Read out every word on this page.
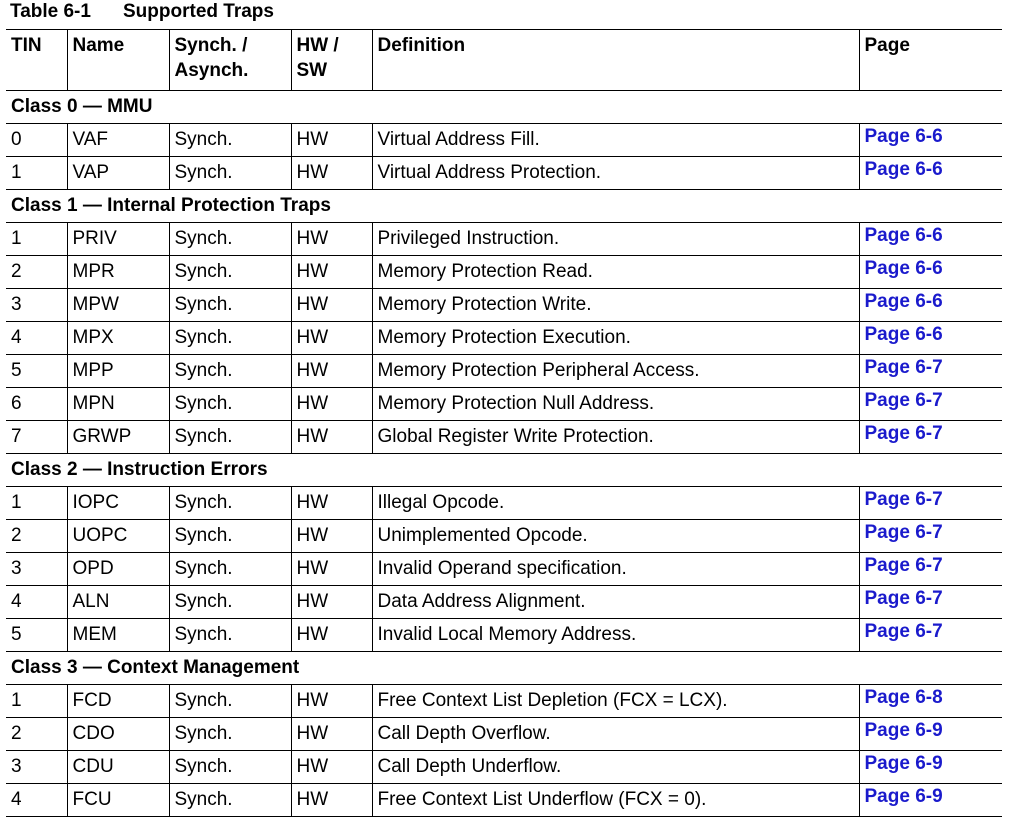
Table 6-1 Supported Traps
TIN	Name	Synch. / Asynch.	HW / SW	Definition	Page
Class 0 — MMU					
0	VAF	Synch.	HW	Virtual Address Fill.	Page 6-6
1	VAP	Synch.	HW	Virtual Address Protection.	Page 6-6
Class 1 — Internal Protection Traps					
1	PRIV	Synch.	HW	Privileged Instruction.	Page 6-6
2	MPR	Synch.	HW	Memory Protection Read.	Page 6-6
3	MPW	Synch.	HW	Memory Protection Write.	Page 6-6
4	MPX	Synch.	HW	Memory Protection Execution.	Page 6-6
5	MPP	Synch.	HW	Memory Protection Peripheral Access.	Page 6-7
6	MPN	Synch.	HW	Memory Protection Null Address.	Page 6-7
7	GRWP	Synch.	HW	Global Register Write Protection.	Page 6-7
Class 2 — Instruction Errors					
1	IOPC	Synch.	HW	Illegal Opcode.	Page 6-7
2	UOPC	Synch.	HW	Unimplemented Opcode.	Page 6-7
3	OPD	Synch.	HW	Invalid Operand specification.	Page 6-7
4	ALN	Synch.	HW	Data Address Alignment.	Page 6-7
5	MEM	Synch.	HW	Invalid Local Memory Address.	Page 6-7
Class 3 — Context Management					
1	FCD	Synch.	HW	Free Context List Depletion (FCX = LCX).	Page 6-8
2	CDO	Synch.	HW	Call Depth Overflow.	Page 6-9
3	CDU	Synch.	HW	Call Depth Underflow.	Page 6-9
4	FCU	Synch.	HW	Free Context List Underflow (FCX = 0).	Page 6-9
